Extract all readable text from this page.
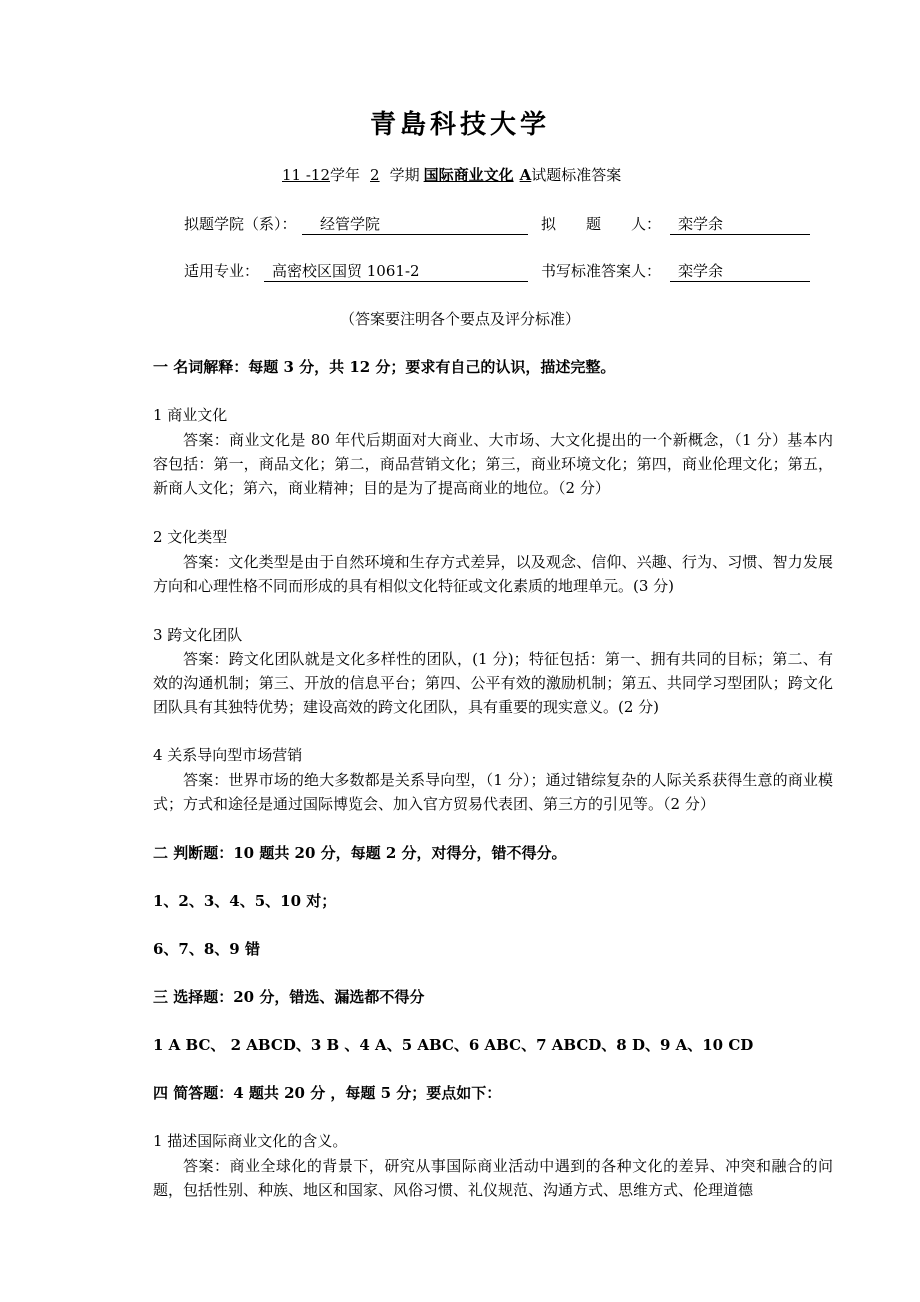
青島科技大学
11 -12学年 2 学期 国际商业文化 A试题标准答案
拟题学院（系）：	经管学院	拟　　题　　人：	栾学余
适用专业： 高密校区国贸 1061-2	书写标准答案人：	栾学余
（答案要注明各个要点及评分标准）
一 名词解释：每题 3 分，共 12 分；要求有自己的认识，描述完整。
1 商业文化
答案：商业文化是 80 年代后期面对大商业、大市场、大文化提出的一个新概念，（1 分）基本内容包括：第一，商品文化；第二，商品营销文化；第三，商业环境文化；第四，商业伦理文化；第五，新商人文化；第六，商业精神；目的是为了提高商业的地位。（2 分）
2 文化类型
答案：文化类型是由于自然环境和生存方式差异，以及观念、信仰、兴趣、行为、习惯、智力发展方向和心理性格不同而形成的具有相似文化特征或文化素质的地理单元。(3 分)
3 跨文化团队
答案：跨文化团队就是文化多样性的团队，(1 分)；特征包括：第一、拥有共同的目标；第二、有效的沟通机制；第三、开放的信息平台；第四、公平有效的激励机制；第五、共同学习型团队；跨文化团队具有其独特优势；建设高效的跨文化团队，具有重要的现实意义。(2 分)
4 关系导向型市场营销
答案：世界市场的绝大多数都是关系导向型，（1 分）；通过错综复杂的人际关系获得生意的商业模式；方式和途径是通过国际博览会、加入官方贸易代表团、第三方的引见等。（2 分）
二 判断题：10 题共 20 分，每题 2 分，对得分，错不得分。
1、2、3、4、5、10 对；
6、7、8、9 错
三 选择题：20 分，错选、漏选都不得分
1 A BC、 2 ABCD、3 B 、4 A、5 ABC、6 ABC、7 ABCD、8 D、9 A、10 CD
四 简答题：4 题共 20 分 ，每题 5 分；要点如下：
1 描述国际商业文化的含义。
答案：商业全球化的背景下，研究从事国际商业活动中遇到的各种文化的差异、冲突和融合的问题，包括性别、种族、地区和国家、风俗习惯、礼仪规范、沟通方式、思维方式、伦理道德
